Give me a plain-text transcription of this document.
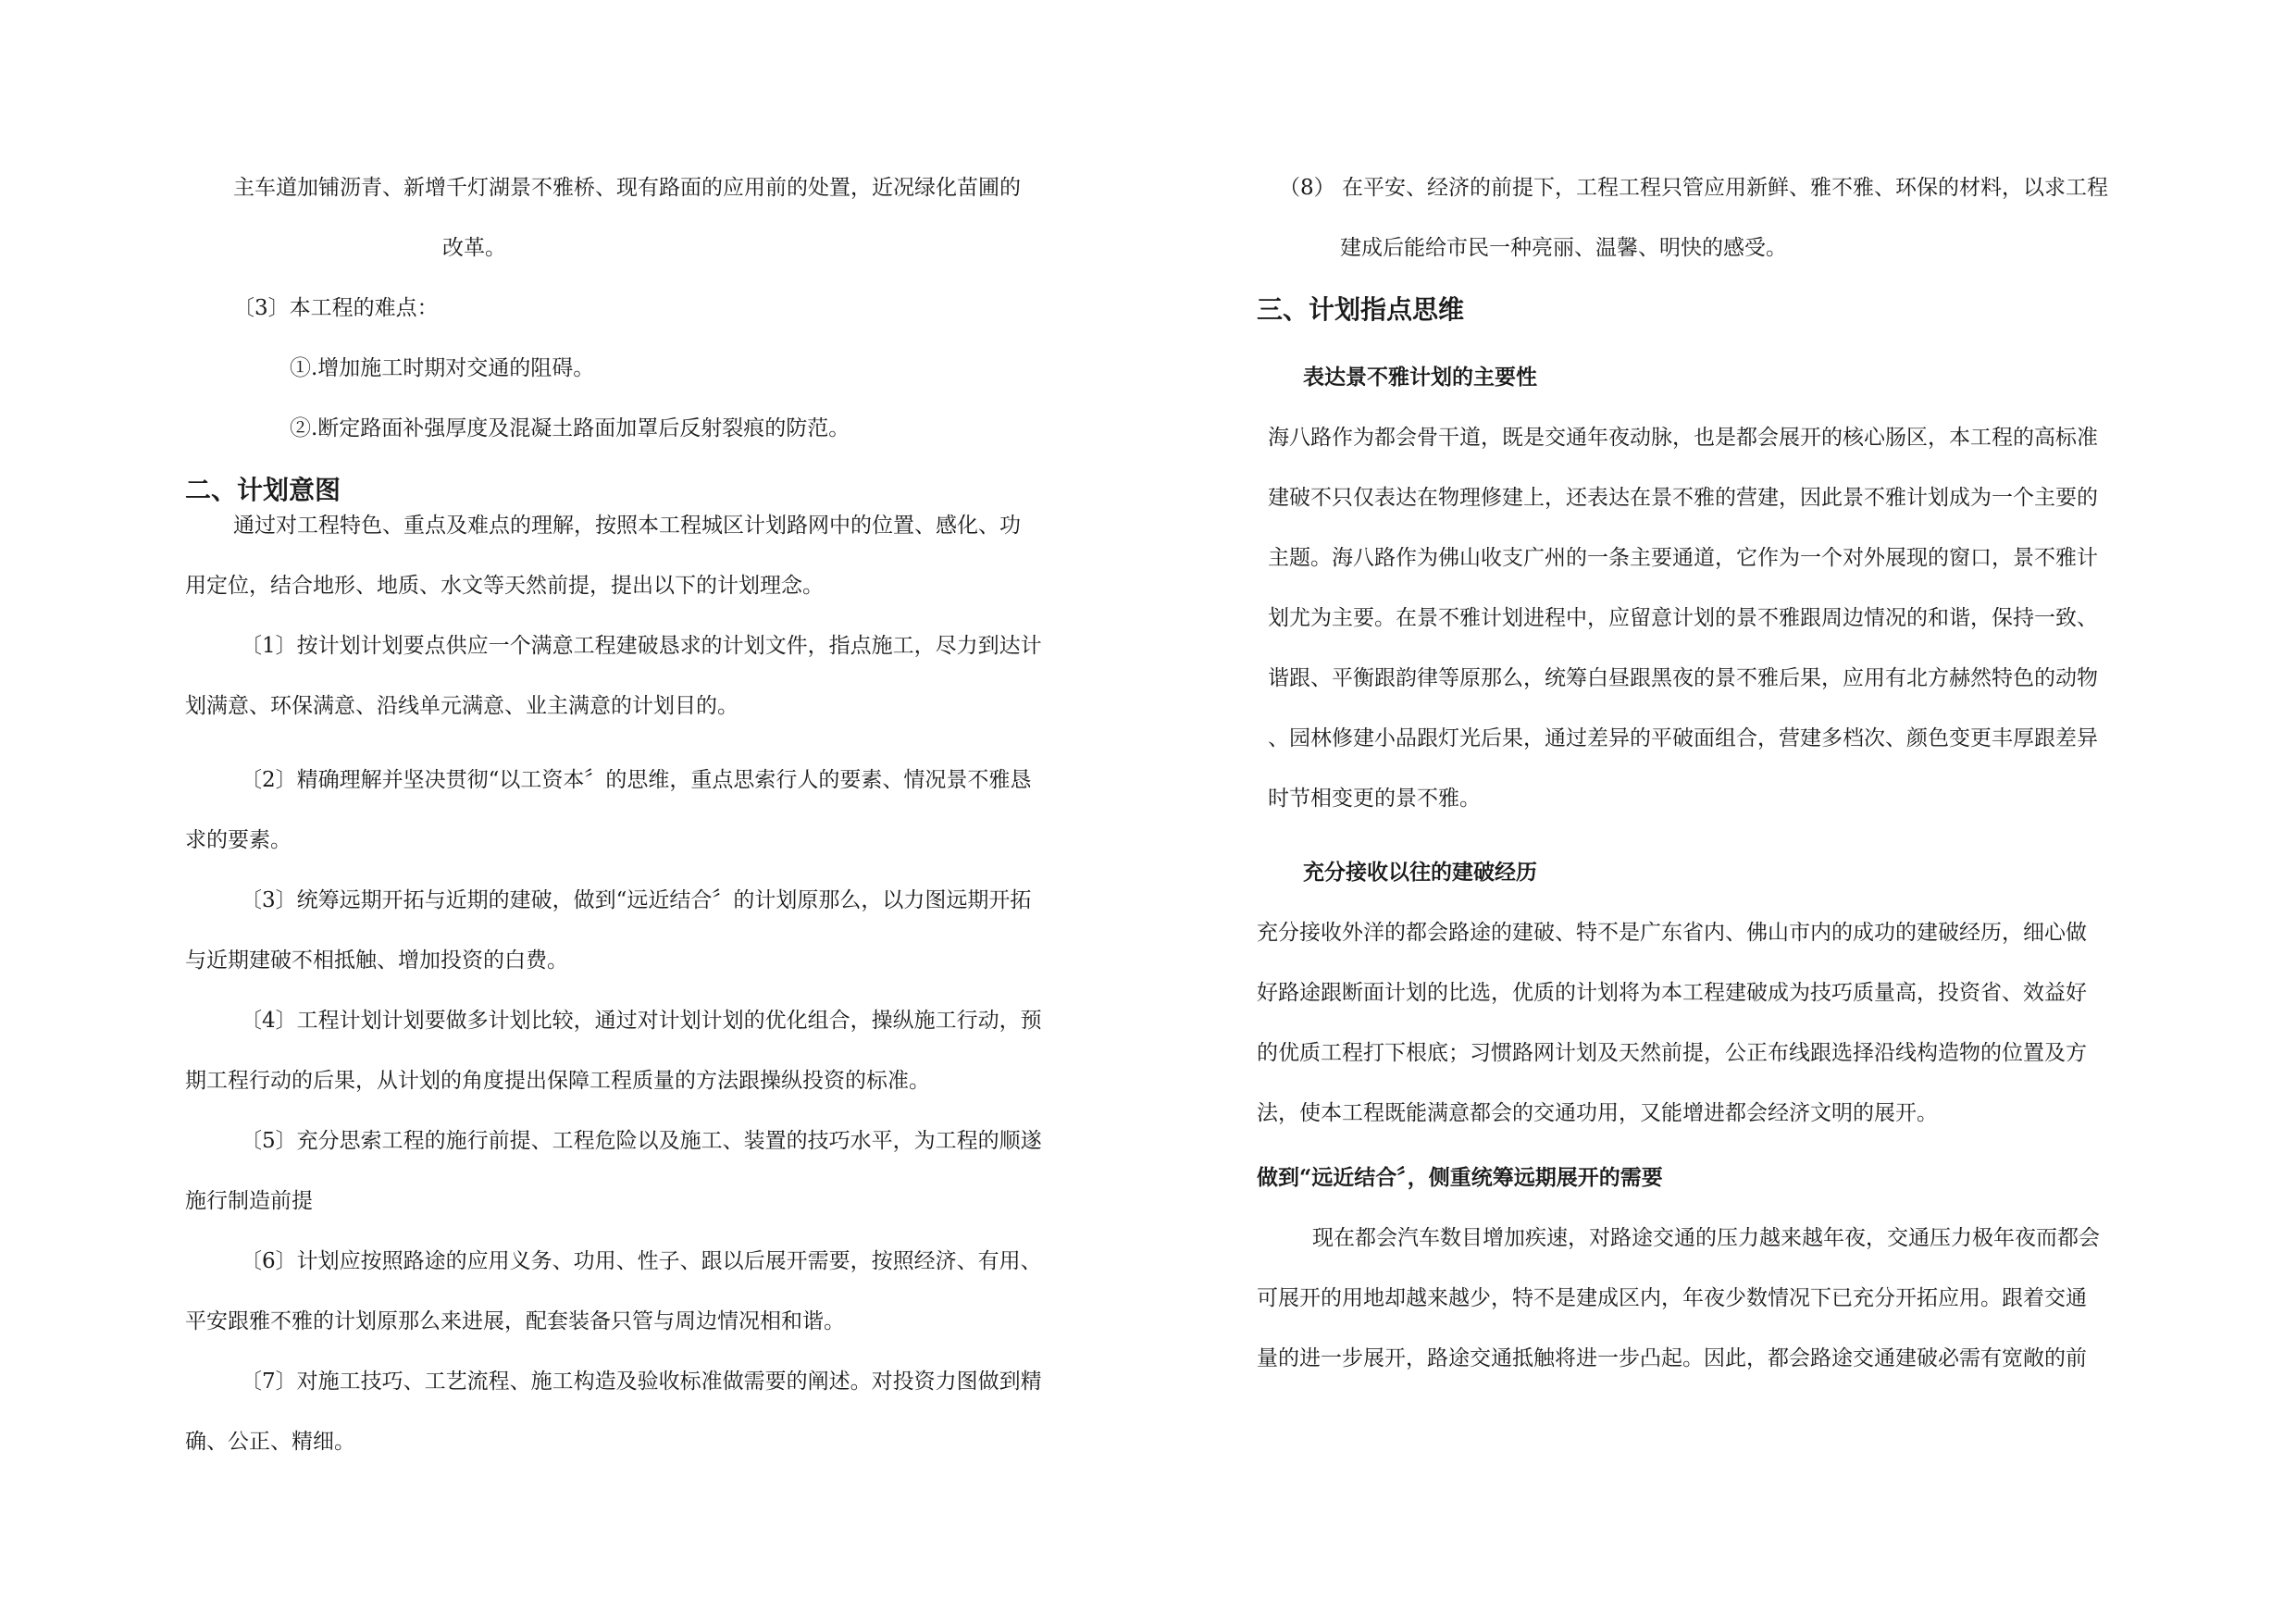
主车道加铺沥青、新增千灯湖景不雅桥、现有路面的应用前的处置，近况绿化苗圃的
改革。
〔3〕本工程的难点：
①.增加施工时期对交通的阻碍。
②.断定路面补强厚度及混凝土路面加罩后反射裂痕的防范。
二、计划意图
通过对工程特色、重点及难点的理解，按照本工程城区计划路网中的位置、感化、功
用定位，结合地形、地质、水文等天然前提，提出以下的计划理念。
〔1〕按计划计划要点供应一个满意工程建破恳求的计划文件，指点施工，尽力到达计
划满意、环保满意、沿线单元满意、业主满意的计划目的。
〔2〕精确理解并坚决贯彻“以工资本〞的思维，重点思索行人的要素、情况景不雅恳
求的要素。
〔3〕统筹远期开拓与近期的建破，做到“远近结合〞的计划原那么，以力图远期开拓
与近期建破不相抵触、增加投资的白费。
〔4〕工程计划计划要做多计划比较，通过对计划计划的优化组合，操纵施工行动，预
期工程行动的后果，从计划的角度提出保障工程质量的方法跟操纵投资的标准。
〔5〕充分思索工程的施行前提、工程危险以及施工、装置的技巧水平，为工程的顺遂
施行制造前提
〔6〕计划应按照路途的应用义务、功用、性子、跟以后展开需要，按照经济、有用、
平安跟雅不雅的计划原那么来进展，配套装备只管与周边情况相和谐。
〔7〕对施工技巧、工艺流程、施工构造及验收标准做需要的阐述。对投资力图做到精
确、公正、精细。
（8） 在平安、经济的前提下，工程工程只管应用新鲜、雅不雅、环保的材料，以求工程
建成后能给市民一种亮丽、温馨、明快的感受。
三、计划指点思维
表达景不雅计划的主要性
海八路作为都会骨干道，既是交通年夜动脉，也是都会展开的核心肠区，本工程的高标准
建破不只仅表达在物理修建上，还表达在景不雅的营建，因此景不雅计划成为一个主要的
主题。海八路作为佛山收支广州的一条主要通道，它作为一个对外展现的窗口，景不雅计
划尤为主要。在景不雅计划进程中，应留意计划的景不雅跟周边情况的和谐，保持一致、
谐跟、平衡跟韵律等原那么，统筹白昼跟黑夜的景不雅后果，应用有北方赫然特色的动物
、园林修建小品跟灯光后果，通过差异的平破面组合，营建多档次、颜色变更丰厚跟差异
时节相变更的景不雅。
充分接收以往的建破经历
充分接收外洋的都会路途的建破、特不是广东省内、佛山市内的成功的建破经历，细心做
好路途跟断面计划的比选，优质的计划将为本工程建破成为技巧质量高，投资省、效益好
的优质工程打下根底；习惯路网计划及天然前提，公正布线跟选择沿线构造物的位置及方
法，使本工程既能满意都会的交通功用，又能增进都会经济文明的展开。
做到“远近结合〞，侧重统筹远期展开的需要
现在都会汽车数目增加疾速，对路途交通的压力越来越年夜，交通压力极年夜而都会
可展开的用地却越来越少，特不是建成区内，年夜少数情况下已充分开拓应用。跟着交通
量的进一步展开，路途交通抵触将进一步凸起。因此，都会路途交通建破必需有宽敞的前
